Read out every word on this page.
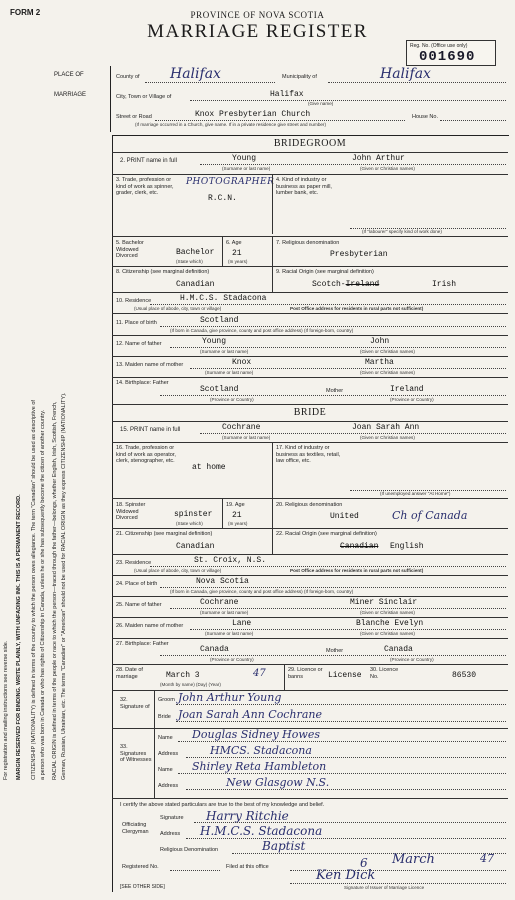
FORM 2	PROVINCE OF NOVA SCOTIA
MARRIAGE REGISTER
Reg. No. (Office use only)
001690
PLACE OF
MARRIAGE
County of Halifax	Municipality of	Halifax
City, Town or Village of	Halifax
(Give name)
Street or Road	Knox Presbyterian Church	House No.
(If marriage occurred in a Church, give name. If in a private residence give street and number)
For registration and mailing instructions see reverse side.	MARGIN RESERVED FOR BINDING. WRITE PLAINLY, WITH UNFADING INK. THIS IS A PERMANENT RECORD.	CITIZENSHIP (NATIONALITY) is defined in terms of the country to which the person owes allegiance. The term "Canadian" should be used as descriptive of a person who was born in Canada or who has rights of Citizenship in Canada, unless he or she has subsequently become the citizen of another country.	RACIAL ORIGIN is defined in terms of the people or race to which the person—traced through the father—belongs, whether English, Irish, Scottish, French, German, Russian, Ukrainian, etc. The terms "Canadian" or "American" should not be used for RACIAL ORIGIN as they express CITIZENSHIP (NATIONALITY).
BRIDEGROOM
2. PRINT name in full	Young	John Arthur
(Surname or last name)	(Given or Christian names)
3. Trade, profession or kind of work as spinner, grader, clerk, etc.
PHOTOGRAPHER
R.C.N.
4. Kind of industry or business as paper mill, lumber bank, etc.
(If "labourer" specify kind of work done)
5. Bachelor Widowed Divorced	Bachelor
(State which)
6. Age
21
(In years)
7. Religious denomination
Presbyterian
8. Citizenship (see marginal definition)
Canadian
9. Racial Origin (see marginal definition)
Scotch-Ireland	Irish
10. Residence	H.M.C.S. Stadacona
(Usual place of abode, city, town or village)	Post Office address for residents in rural parts not sufficient)
11. Place of birth	Scotland
(If born in Canada, give province, county and post office address) (If foreign-born, country)
12. Name of father	Young	John
(Surname or last name)	(Given or Christian names)
13. Maiden name of mother	Knox	Martha
(Surname or last name)	(Given or Christian names)
14. Birthplace: Father
Scotland	Mother	Ireland
(Province or Country)	(Province or Country)
BRIDE
15. PRINT name in full	Cochrane	Joan Sarah Ann
(Surname or last name)	(Given or Christian names)
16. Trade, profession or kind of work as operator, clerk, stenographer, etc.
at home
17. Kind of industry or business as textiles, retail, law office, etc.
(If unemployed answer "At Home")
18. Spinster Widowed Divorced	spinster
(State which)
19. Age
21
(In years)
20. Religious denomination
United	Ch of Canada
21. Citizenship (see marginal definition)
Canadian
22. Racial Origin (see marginal definition)
Canadian English
23. Residence	St. Croix, N.S.
(Usual place of abode, city, town or village)	Post Office address for residents in rural parts not sufficient)
24. Place of birth	Nova Scotia
(If born in Canada, give province, county and post office address) (If foreign-born, country)
25. Name of father	Cochrane	Miner Sinclair
(Surname or last name)	(Given or Christian names)
26. Maiden name of mother	Lane	Blanche Evelyn
(Surname or last name)	(Given or Christian names)
27. Birthplace: Father
Canada	Mother	Canada
(Province or Country)	(Province or Country)
28. Date of marriage	March 3	47
(Month by name) (Day) (Year)
29. Licence or banns	License
30. Licence No.	86530
32. Signature of
Groom John Arthur Young
Bride Joan Sarah Ann Cochrane
33. Signatures of Witnesses
Name Douglas Sidney Howes
Address	HMCS. Stadacona
Name Shirley Reta Hambleton
Address	New Glasgow N.S.
I certify the above stated particulars are true to the best of my knowledge and belief.
Officiating Clergyman
Signature Harry Ritchie
Address H.M.C.S. Stadacona
Religious Denomination	Baptist
Registered No.	Filed at this office	6 March	47
Ken Dick
Signature of Issuer of Marriage Licence
[SEE OTHER SIDE]
